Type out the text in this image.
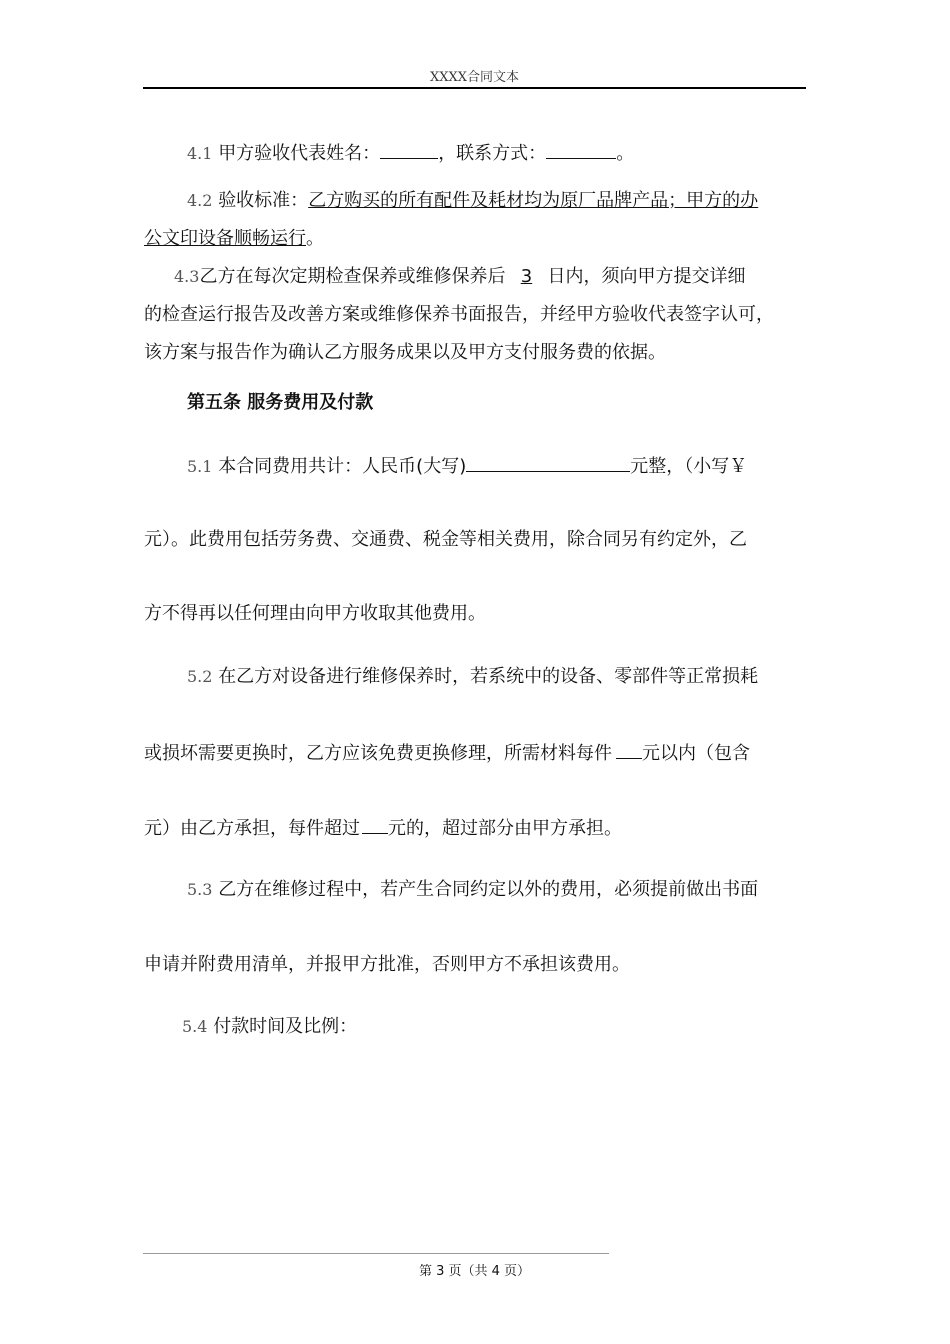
XXXX合同文本
4.1 甲方验收代表姓名：	，联系方式：	。
4.2 验收标准：乙方购买的所有配件及耗材均为原厂品牌产品；甲方的办
公文印设备顺畅运行。
4.3乙方在每次定期检查保养或维修保养后 3 日内，须向甲方提交详细
的检查运行报告及改善方案或维修保养书面报告，并经甲方验收代表签字认可，
该方案与报告作为确认乙方服务成果以及甲方支付服务费的依据。
第五条 服务费用及付款
5.1 本合同费用共计：人民币(大写)	元整，（小写￥
元）。此费用包括劳务费、交通费、税金等相关费用，除合同另有约定外，乙
方不得再以任何理由向甲方收取其他费用。
5.2 在乙方对设备进行维修保养时，若系统中的设备、零部件等正常损耗
或损坏需要更换时，乙方应该免费更换修理，所需材料每件 元以内（包含
元）由乙方承担，每件超过 元的，超过部分由甲方承担。
5.3 乙方在维修过程中，若产生合同约定以外的费用，必须提前做出书面
申请并附费用清单，并报甲方批准，否则甲方不承担该费用。
5.4 付款时间及比例：
第 3 页（共 4 页）
